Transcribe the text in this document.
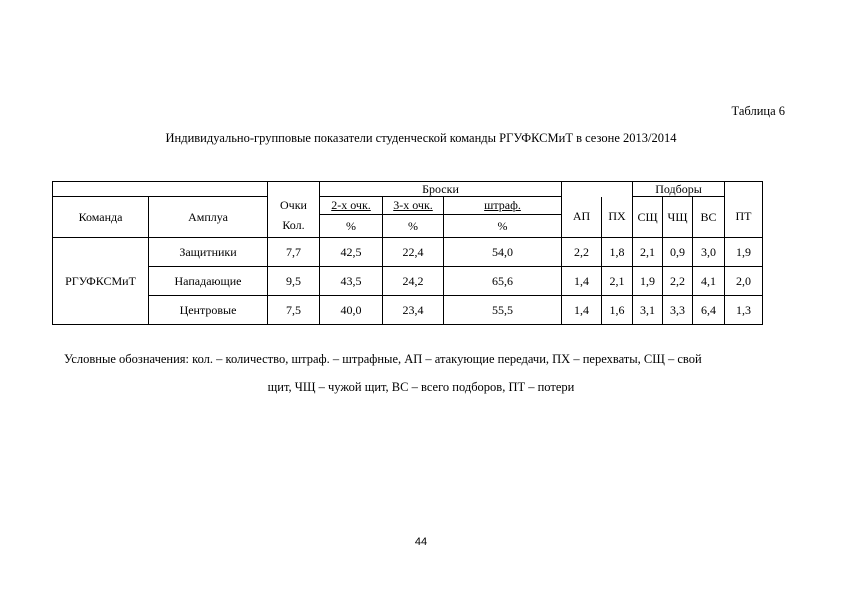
Таблица 6
Индивидуально-групповые показатели студенческой команды РГУФКСМиТ в сезоне 2013/2014
			Броски					Подборы			
Команда	Амплуа	Очки	2-х очк.	3-х очк.	штраф.	АП	ПХ	СЩ	ЧЩ	ВС	ПТ
		Кол.	%	%	%						
РГУФКСМиТ	Защитники	7,7	42,5	22,4	54,0	2,2	1,8	2,1	0,9	3,0	1,9
	Нападающие	9,5	43,5	24,2	65,6	1,4	2,1	1,9	2,2	4,1	2,0
	Центровые	7,5	40,0	23,4	55,5	1,4	1,6	3,1	3,3	6,4	1,3
Условные обозначения: кол. – количество, штраф. – штрафные, АП – атакующие передачи, ПХ – перехваты, СЩ – свой
щит, ЧЩ – чужой щит, ВС – всего подборов, ПТ – потери
44
